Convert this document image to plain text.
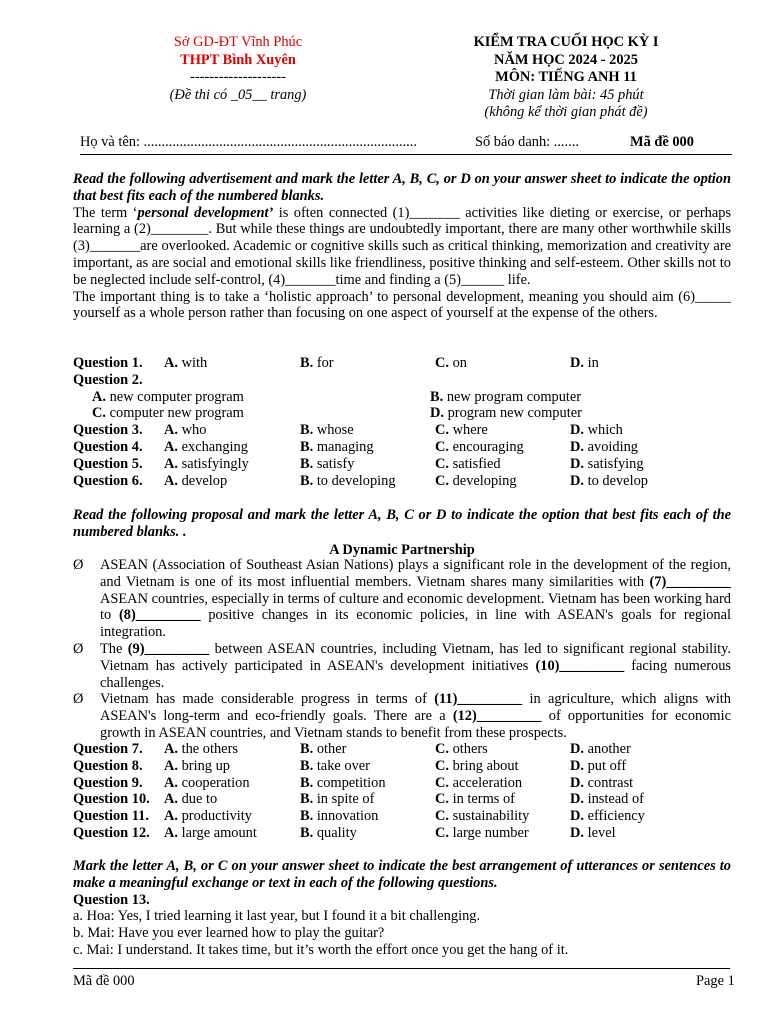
Sở GD-ĐT Vĩnh Phúc
THPT Bình Xuyên
--------------------
(Đề thi có _05__ trang)
KIỂM TRA CUỐI HỌC KỲ I
NĂM HỌC 2024 - 2025
MÔN: TIẾNG ANH 11
Thời gian làm bài: 45 phút
(không kể thời gian phát đề)
Họ và tên: ............................................................................	Số báo danh: .......	Mã đề 000

Read the following advertisement and mark the letter A, B, C, or D on your answer sheet to indicate the option that best fits each of the numbered blanks.

The term ‘personal development’ is often connected (1)_______ activities like dieting or exercise, or perhaps learning a (2)________. But while these things are undoubtedly important, there are many other worthwhile skills (3)_______are overlooked. Academic or cognitive skills such as critical thinking, memorization and creativity are important, as are social and emotional skills like friendliness, positive thinking and self-esteem. Other skills not to be neglected include self-control, (4)_______time and finding a (5)______ life.

The important thing is to take a ‘holistic approach’ to personal development, meaning you should aim (6)_____ yourself as a whole person rather than focusing on one aspect of yourself at the expense of the others.

Question 1. A. with	B. for	C. on	D. in
Question 2.
A. new computer program	B. new program computer
C. computer new program	D. program new computer
Question 3. A. who	B. whose	C. where	D. which
Question 4. A. exchanging	B. managing	C. encouraging	D. avoiding
Question 5. A. satisfyingly	B. satisfy	C. satisfied	D. satisfying
Question 6. A. develop	B. to developing	C. developing	D. to develop

Read the following proposal and mark the letter A, B, C or D to indicate the option that best fits each of the numbered blanks. .

A Dynamic Partnership
Ø	ASEAN (Association of Southeast Asian Nations) plays a significant role in the development of the region, and Vietnam is one of its most influential members. Vietnam shares many similarities with (7)_________ ASEAN countries, especially in terms of culture and economic development. Vietnam has been working hard to (8)_________ positive changes in its economic policies, in line with ASEAN's goals for regional integration.

Ø	The (9)_________ between ASEAN countries, including Vietnam, has led to significant regional stability. Vietnam has actively participated in ASEAN's development initiatives (10)_________ facing numerous challenges.

Ø	Vietnam has made considerable progress in terms of (11)_________ in agriculture, which aligns with ASEAN's long-term and eco-friendly goals. There are a (12)_________ of opportunities for economic growth in ASEAN countries, and Vietnam stands to benefit from these prospects.

Question 7. A. the others	B. other	C. others	D. another
Question 8. A. bring up	B. take over	C. bring about	D. put off
Question 9. A. cooperation	B. competition	C. acceleration	D. contrast
Question 10. A. due to	B. in spite of	C. in terms of	D. instead of
Question 11. A. productivity	B. innovation	C. sustainability	D. efficiency
Question 12. A. large amount	B. quality	C. large number	D. level

Mark the letter A, B, or C on your answer sheet to indicate the best arrangement of utterances or sentences to make a meaningful exchange or text in each of the following questions.

Question 13.
a. Hoa: Yes, I tried learning it last year, but I found it a bit challenging.
b. Mai: Have you ever learned how to play the guitar?
c. Mai: I understand. It takes time, but it’s worth the effort once you get the hang of it.
Mã đề 000	Page 1
